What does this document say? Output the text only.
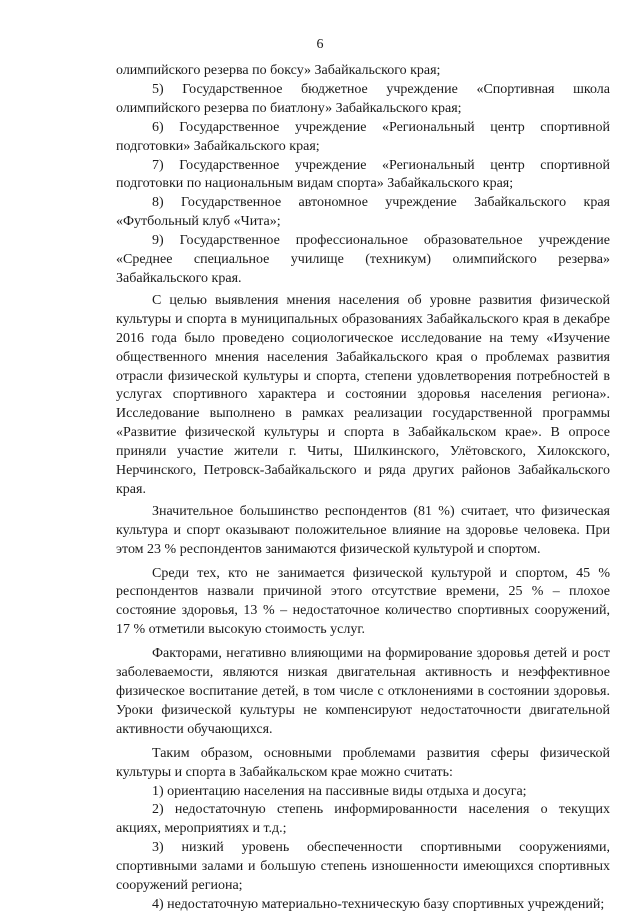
6

олимпийского резерва по боксу» Забайкальского края;

5) Государственное бюджетное учреждение «Спортивная школа олимпийского резерва по биатлону» Забайкальского края;

6) Государственное учреждение «Региональный центр спортивной подготовки» Забайкальского края;

7) Государственное учреждение «Региональный центр спортивной подготовки по национальным видам спорта» Забайкальского края;

8) Государственное автономное учреждение Забайкальского края «Футбольный клуб «Чита»;

9) Государственное профессиональное образовательное учреждение «Среднее специальное училище (техникум) олимпийского резерва» Забайкальского края.

С целью выявления мнения населения об уровне развития физической культуры и спорта в муниципальных образованиях Забайкальского края в декабре 2016 года было проведено социологическое исследование на тему «Изучение общественного мнения населения Забайкальского края о проблемах развития отрасли физической культуры и спорта, степени удовлетворения потребностей в услугах спортивного характера и состоянии здоровья населения региона». Исследование выполнено в рамках реализации государственной программы «Развитие физической культуры и спорта в Забайкальском крае». В опросе приняли участие жители г. Читы, Шилкинского, Улётовского, Хилокского, Нерчинского, Петровск-Забайкальского и ряда других районов Забайкальского края.

Значительное большинство респондентов (81 %) считает, что физическая культура и спорт оказывают положительное влияние на здоровье человека. При этом 23 % респондентов занимаются физической культурой и спортом.

Среди тех, кто не занимается физической культурой и спортом, 45 % респондентов назвали причиной этого отсутствие времени, 25 % – плохое состояние здоровья, 13 % – недостаточное количество спортивных сооружений, 17 % отметили высокую стоимость услуг.

Факторами, негативно влияющими на формирование здоровья детей и рост заболеваемости, являются низкая двигательная активность и неэффективное физическое воспитание детей, в том числе с отклонениями в состоянии здоровья. Уроки физической культуры не компенсируют недостаточности двигательной активности обучающихся.

Таким образом, основными проблемами развития сферы физической культуры и спорта в Забайкальском крае можно считать:

1) ориентацию населения на пассивные виды отдыха и досуга;

2) недостаточную степень информированности населения о текущих акциях, мероприятиях и т.д.;

3) низкий уровень обеспеченности спортивными сооружениями, спортивными залами и большую степень изношенности имеющихся спортивных сооружений региона;

4) недостаточную материально-техническую базу спортивных учреждений;
